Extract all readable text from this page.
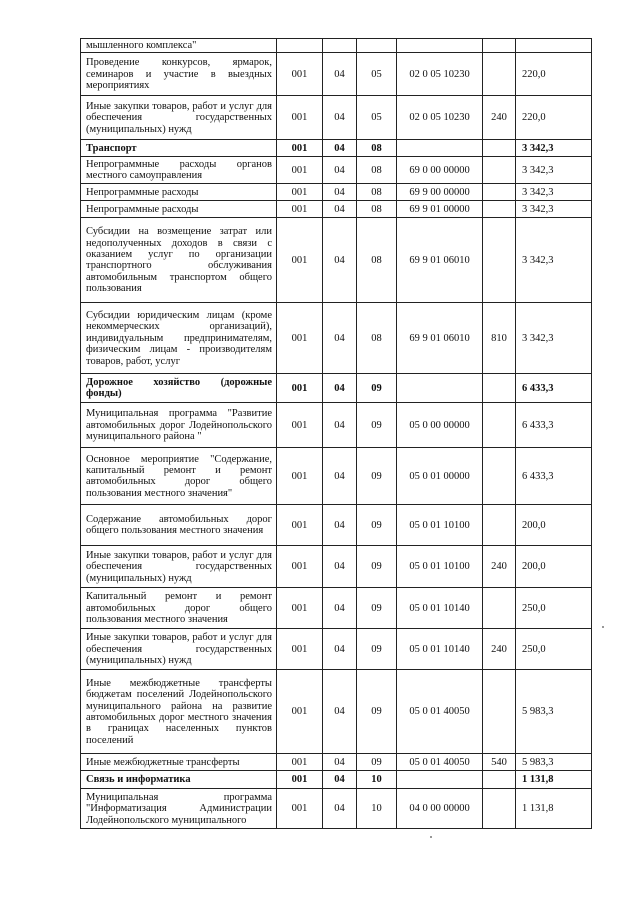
мышленного комплекса"						
Проведение конкурсов, ярмарок, семинаров и участие в выездных мероприятиях	001	04	05	02 0 05 10230		220,0
Иные закупки товаров, работ и услуг для обеспечения государственных (муниципальных) нужд	001	04	05	02 0 05 10230	240	220,0
Транспорт	001	04	08			3 342,3
Непрограммные расходы органов местного самоуправления	001	04	08	69 0 00 00000		3 342,3
Непрограммные расходы	001	04	08	69 9 00 00000		3 342,3
Непрограммные расходы	001	04	08	69 9 01 00000		3 342,3
Субсидии на возмещение затрат или недополученных доходов в связи с оказанием услуг по организации транспортного обслуживания автомобильным транспортом общего пользования	001	04	08	69 9 01 06010		3 342,3
Субсидии юридическим лицам (кроме некоммерческих организаций), индивидуальным предпринимателям, физическим лицам - производителям товаров, работ, услуг	001	04	08	69 9 01 06010	810	3 342,3
Дорожное хозяйство (дорожные фонды)	001	04	09			6 433,3
Муниципальная программа "Развитие автомобильных дорог Лодейнопольского муниципального района "	001	04	09	05 0 00 00000		6 433,3
Основное мероприятие "Содержание, капитальный ремонт и ремонт автомобильных дорог общего пользования местного значения"	001	04	09	05 0 01 00000		6 433,3
Содержание автомобильных дорог общего пользования местного значения	001	04	09	05 0 01 10100		200,0
Иные закупки товаров, работ и услуг для обеспечения государственных (муниципальных) нужд	001	04	09	05 0 01 10100	240	200,0
Капитальный ремонт и ремонт автомобильных дорог общего пользования местного значения	001	04	09	05 0 01 10140		250,0
Иные закупки товаров, работ и услуг для обеспечения государственных (муниципальных) нужд	001	04	09	05 0 01 10140	240	250,0
Иные межбюджетные трансферты бюджетам поселений Лодейнопольского муниципального района на развитие автомобильных дорог местного значения в границах населенных пунктов поселений	001	04	09	05 0 01 40050		5 983,3
Иные межбюджетные трансферты	001	04	09	05 0 01 40050	540	5 983,3
Связь и информатика	001	04	10			1 131,8
Муниципальная программа "Информатизация Администрации Лодейнопольского муниципального	001	04	10	04 0 00 00000		1 131,8
